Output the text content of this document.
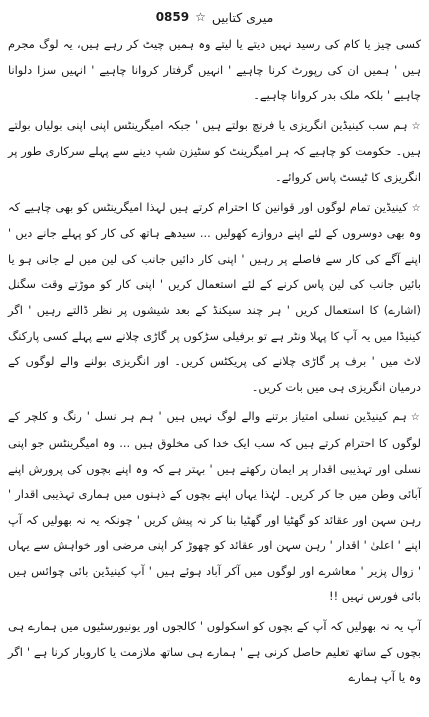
میری کتابیں
☆
0859

کسی چیز یا کام کی رسید نہیں دیتے یا لیتے وہ ہمیں چیٹ کر رہے ہیں، یہ لوگ مجرم ہیں ' ہمیں ان کی رپورٹ کرنا چاہیے ' انہیں گرفتار کروانا چاہیے ' انہیں سزا دلوانا چاہیے ' بلکہ ملک بدر کروانا چاہیے۔

☆ہم سب کینیڈین انگریزی یا فرنچ بولتے ہیں ' جبکہ امیگرینٹس اپنی اپنی بولیاں بولتے ہیں۔ حکومت کو چاہیے کہ ہر امیگرینٹ کو سٹیزن شپ دینے سے پہلے سرکاری طور پر انگریزی کا ٹیسٹ پاس کروائے۔

☆کینیڈین تمام لوگوں اور قوانین کا احترام کرتے ہیں لہذا امیگرینٹس کو بھی چاہیے کہ وہ بھی دوسروں کے لئے اپنے دروازے کھولیں ... سیدھے ہاتھ کی کار کو پہلے جانے دیں ' اپنے آگے کی کار سے فاصلے پر رہیں ' اپنی کار دائیں جانب کی لین میں لے جانی ہو یا بائیں جانب کی لین پاس کرنے کے لئے استعمال کریں ' اپنی کار کو موڑتے وقت سگنل (اشارے) کا استعمال کریں ' ہر چند سیکنڈ کے بعد شیشوں پر نظر ڈالتے رہیں ' اگر کینیڈا میں یہ آپ کا پہلا ونٹر ہے تو برفیلی سڑکوں پر گاڑی چلانے سے پہلے کسی پارکنگ لاٹ میں ' برف پر گاڑی چلانے کی پریکٹس کریں۔ اور انگریزی بولنے والے لوگوں کے درمیان انگریزی ہی میں بات کریں۔

☆ہم کینیڈین نسلی امتیاز برتنے والے لوگ نہیں ہیں ' ہم ہر نسل ' رنگ و کلچر کے لوگوں کا احترام کرتے ہیں کہ سب ایک خدا کی مخلوق ہیں ... وہ امیگرینٹس جو اپنی نسلی اور تہذیبی اقدار پر ایمان رکھتے ہیں ' بہتر ہے کہ وہ اپنے بچوں کی پرورش اپنے آبائی وطن میں جا کر کریں۔ لہٰذا یہاں اپنے بچوں کے ذہنوں میں ہماری تہذیبی اقدار ' رہن سہن اور عقائد کو گھٹیا اور گھٹیا بنا کر نہ پیش کریں ' چونکہ یہ نہ بھولیں کہ آپ اپنے ' اعلیٰ ' اقدار ' رہن سہن اور عقائد کو چھوڑ کر اپنی مرضی اور خواہش سے یہاں ' زوال پزیر ' معاشرے اور لوگوں میں آکر آباد ہوئے ہیں ' آپ کینیڈین بائی چوائس ہیں بائی فورس نہیں !!

آپ یہ نہ بھولیں کہ آپ کے بچوں کو اسکولوں ' کالجوں اور یونیورسٹیوں میں ہمارے ہی بچوں کے ساتھ تعلیم حاصل کرنی ہے ' ہمارے ہی ساتھ ملازمت یا کاروبار کرنا ہے ' اگر وہ یا آپ ہمارے
